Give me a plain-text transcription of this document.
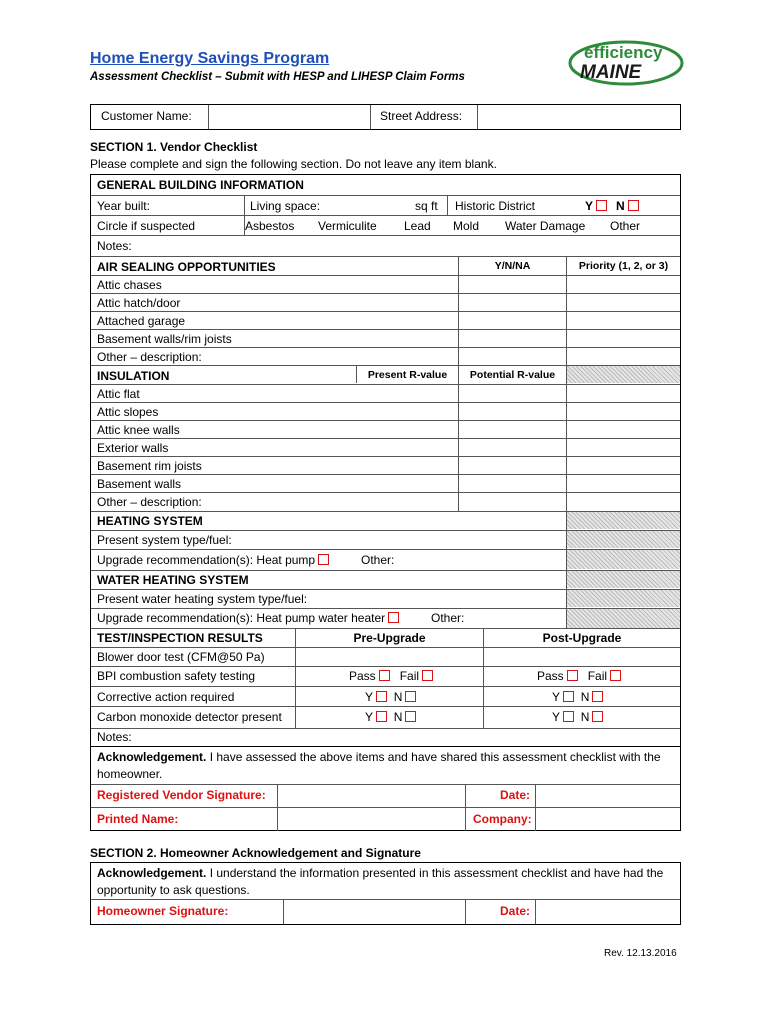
Home Energy Savings Program
Assessment Checklist – Submit with HESP and LIHESP Claim Forms
efficiency
MAINE
Customer Name:	Street Address:
SECTION 1. Vendor Checklist
Please complete and sign the following section. Do not leave any item blank.
GENERAL BUILDING INFORMATION
Year built:	Living space:	sq ft Historic District	Y	N
Circle if suspected	Asbestos Vermiculite Lead Mold Water Damage Other
Notes:
AIR SEALING OPPORTUNITIES	Y/N/NA	Priority (1, 2, or 3)
Attic chases
Attic hatch/door
Attached garage
Basement walls/rim joists
Other – description:
INSULATION	Present R-value	Potential R-value
Attic flat
Attic slopes
Attic knee walls
Exterior walls
Basement rim joists
Basement walls
Other – description:
HEATING SYSTEM
Present system type/fuel:
Upgrade recommendation(s): Heat pump	Other:
WATER HEATING SYSTEM
Present water heating system type/fuel:
Upgrade recommendation(s): Heat pump water heater	Other:
TEST/INSPECTION RESULTS	Pre-Upgrade	Post-Upgrade
Blower door test (CFM@50 Pa)
BPI combustion safety testing	Pass Fail	Pass Fail
Corrective action required	Y N	Y N
Carbon monoxide detector present	Y N	Y N
Notes:
Acknowledgement. I have assessed the above items and have shared this assessment checklist with the homeowner.
Registered Vendor Signature:	Date:
Printed Name:	Company:
SECTION 2. Homeowner Acknowledgement and Signature
Acknowledgement. I understand the information presented in this assessment checklist and have had the opportunity to ask questions.
Homeowner Signature:	Date:
Rev. 12.13.2016
